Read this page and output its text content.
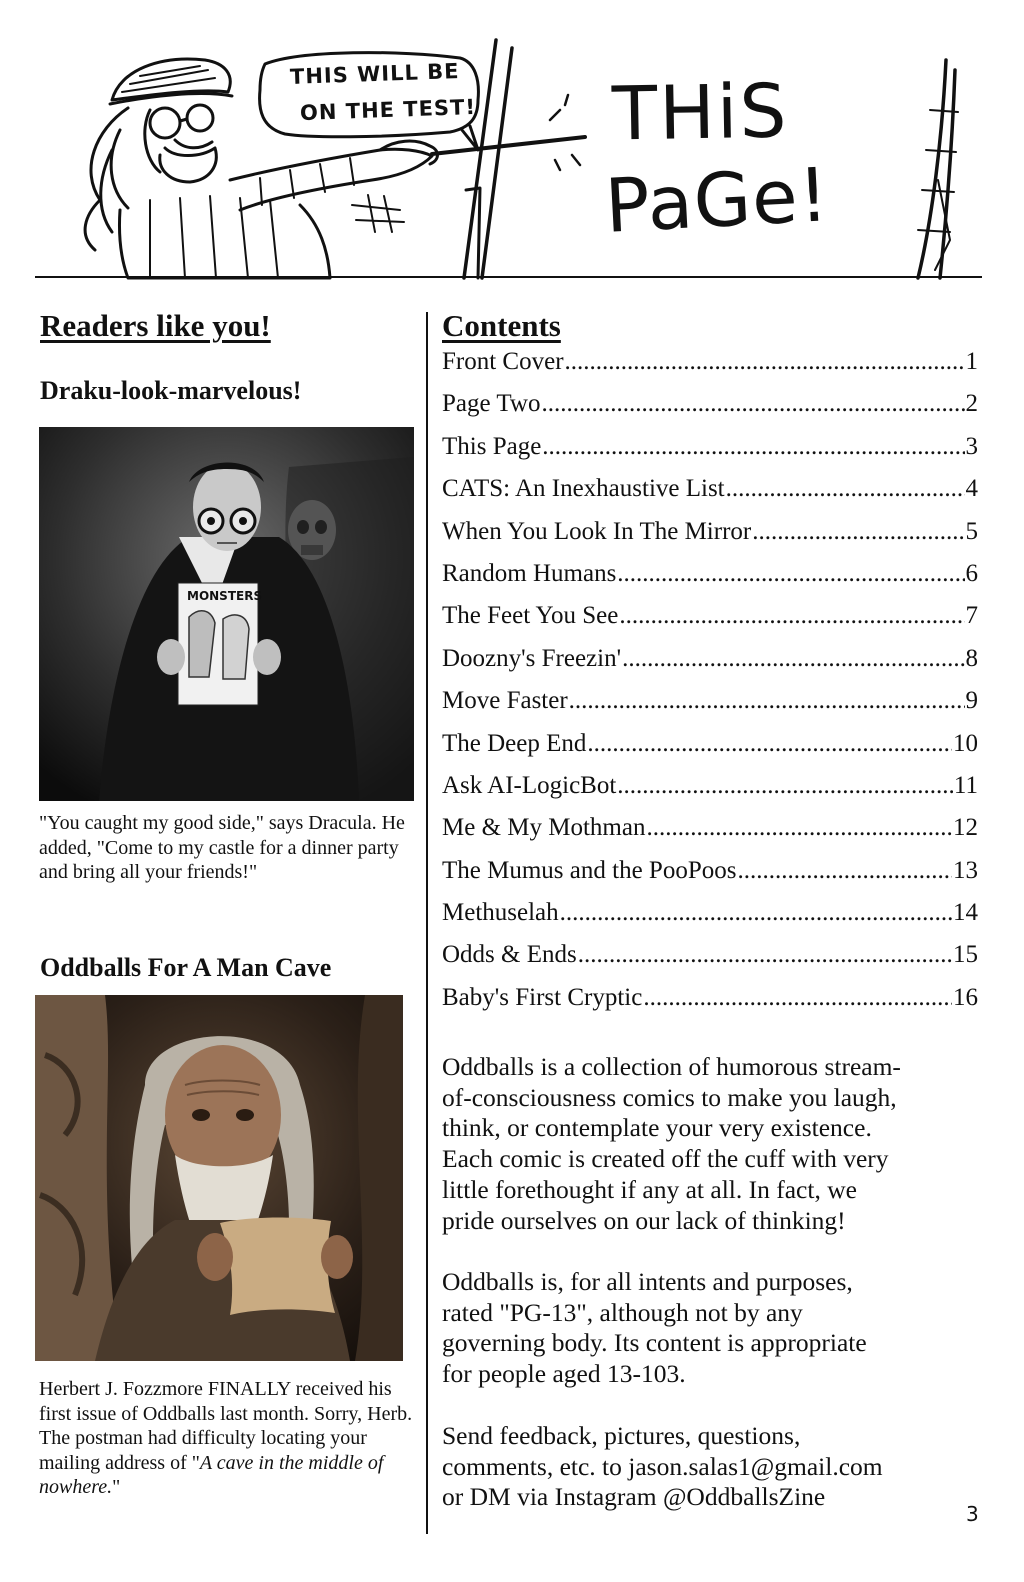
THIS WILL BE
ON THE TEST! THiS
PaGe!
Readers like you!
Draku-look-marvelous!
MONSTERS
"You caught my good side," says Dracula. He added, "Come to my castle for a dinner party and bring all your friends!"
Oddballs For A Man Cave
Herbert J. Fozzmore FINALLY received his first issue of Oddballs last month. Sorry, Herb. The postman had difficulty locating your mailing address of "A cave in the middle of nowhere."
Contents
Front Cover .....	1
Page Two .....	2
This Page .....	3
CATS: An Inexhaustive List .....	4
When You Look In The Mirror .....	5
Random Humans .....	6
The Feet You See .....	7
Doozny's Freezin' .....	8
Move Faster .....	9
The Deep End .....	10
Ask AI-LogicBot .....	11
Me & My Mothman .....	12
The Mumus and the PooPoos .....	13
Methuselah .....	14
Odds & Ends .....	15
Baby's First Cryptic .....	16
Oddballs is a collection of humorous stream-
of-consciousness comics to make you laugh,
think, or contemplate your very existence.
Each comic is created off the cuff with very
little forethought if any at all. In fact, we
pride ourselves on our lack of thinking!
Oddballs is, for all intents and purposes,
rated "PG-13", although not by any
governing body. Its content is appropriate
for people aged 13-103.
Send feedback, pictures, questions,
comments, etc. to jason.salas1@gmail.com
or DM via Instagram @OddballsZine
3
